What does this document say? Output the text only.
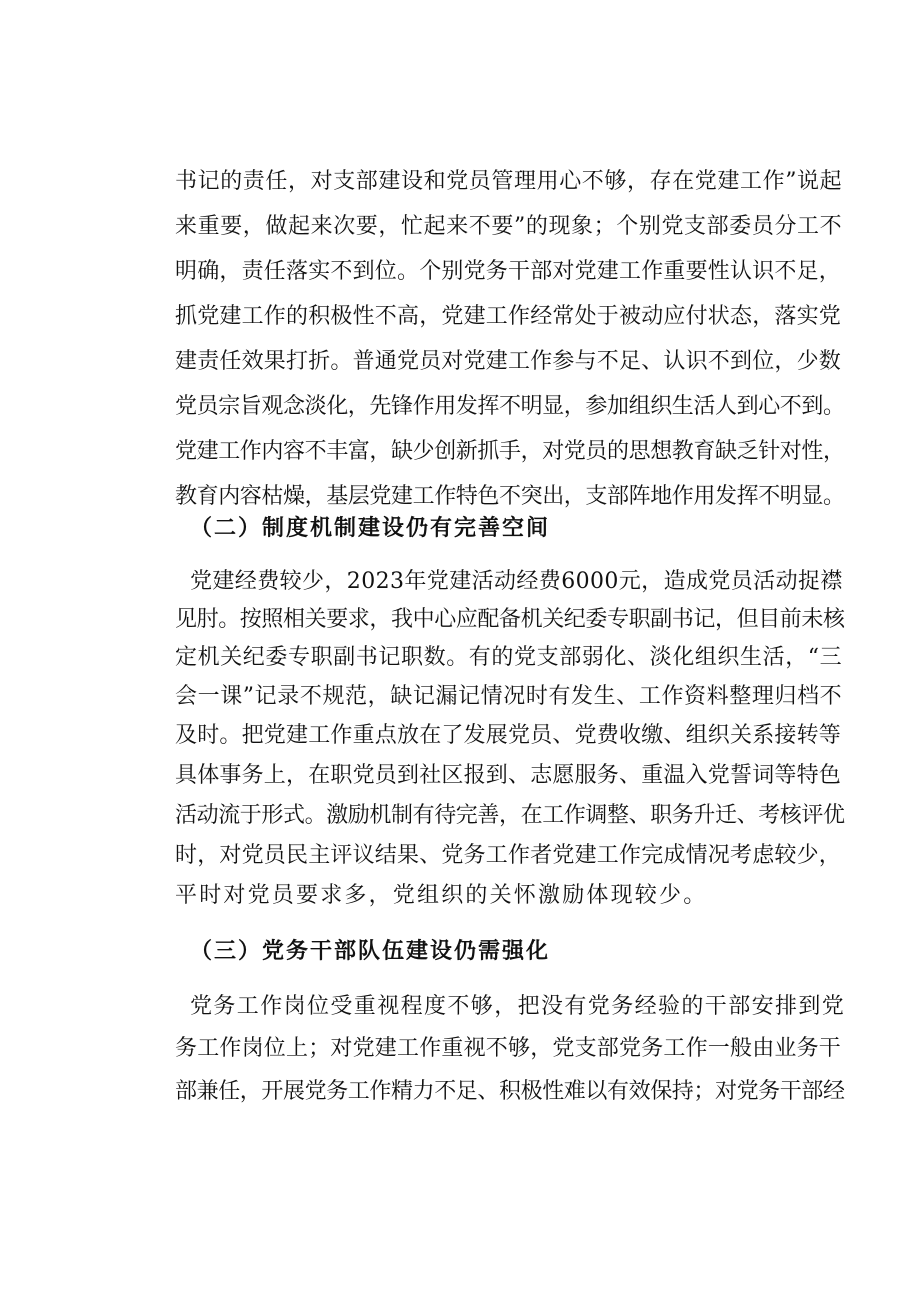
书记的责任，对支部建设和党员管理用心不够，存在党建工作”说起
来重要，做起来次要，忙起来不要”的现象；个别党支部委员分工不
明确，责任落实不到位。个别党务干部对党建工作重要性认识不足，
抓党建工作的积极性不高，党建工作经常处于被动应付状态，落实党
建责任效果打折。普通党员对党建工作参与不足、认识不到位，少数
党员宗旨观念淡化，先锋作用发挥不明显，参加组织生活人到心不到。
党建工作内容不丰富，缺少创新抓手，对党员的思想教育缺乏针对性，
教育内容枯燥，基层党建工作特色不突出，支部阵地作用发挥不明显。
（二）制度机制建设仍有完善空间
党建经费较少，2023年党建活动经费6000元，造成党员活动捉襟
见肘。按照相关要求，我中心应配备机关纪委专职副书记，但目前未核
定机关纪委专职副书记职数。有的党支部弱化、淡化组织生活，“三
会一课”记录不规范，缺记漏记情况时有发生、工作资料整理归档不
及时。把党建工作重点放在了发展党员、党费收缴、组织关系接转等
具体事务上，在职党员到社区报到、志愿服务、重温入党誓词等特色
活动流于形式。激励机制有待完善，在工作调整、职务升迁、考核评优
时，对党员民主评议结果、党务工作者党建工作完成情况考虑较少，
平时对党员要求多，党组织的关怀激励体现较少。
（三）党务干部队伍建设仍需强化
党务工作岗位受重视程度不够，把没有党务经验的干部安排到党
务工作岗位上；对党建工作重视不够，党支部党务工作一般由业务干
部兼任，开展党务工作精力不足、积极性难以有效保持；对党务干部经
